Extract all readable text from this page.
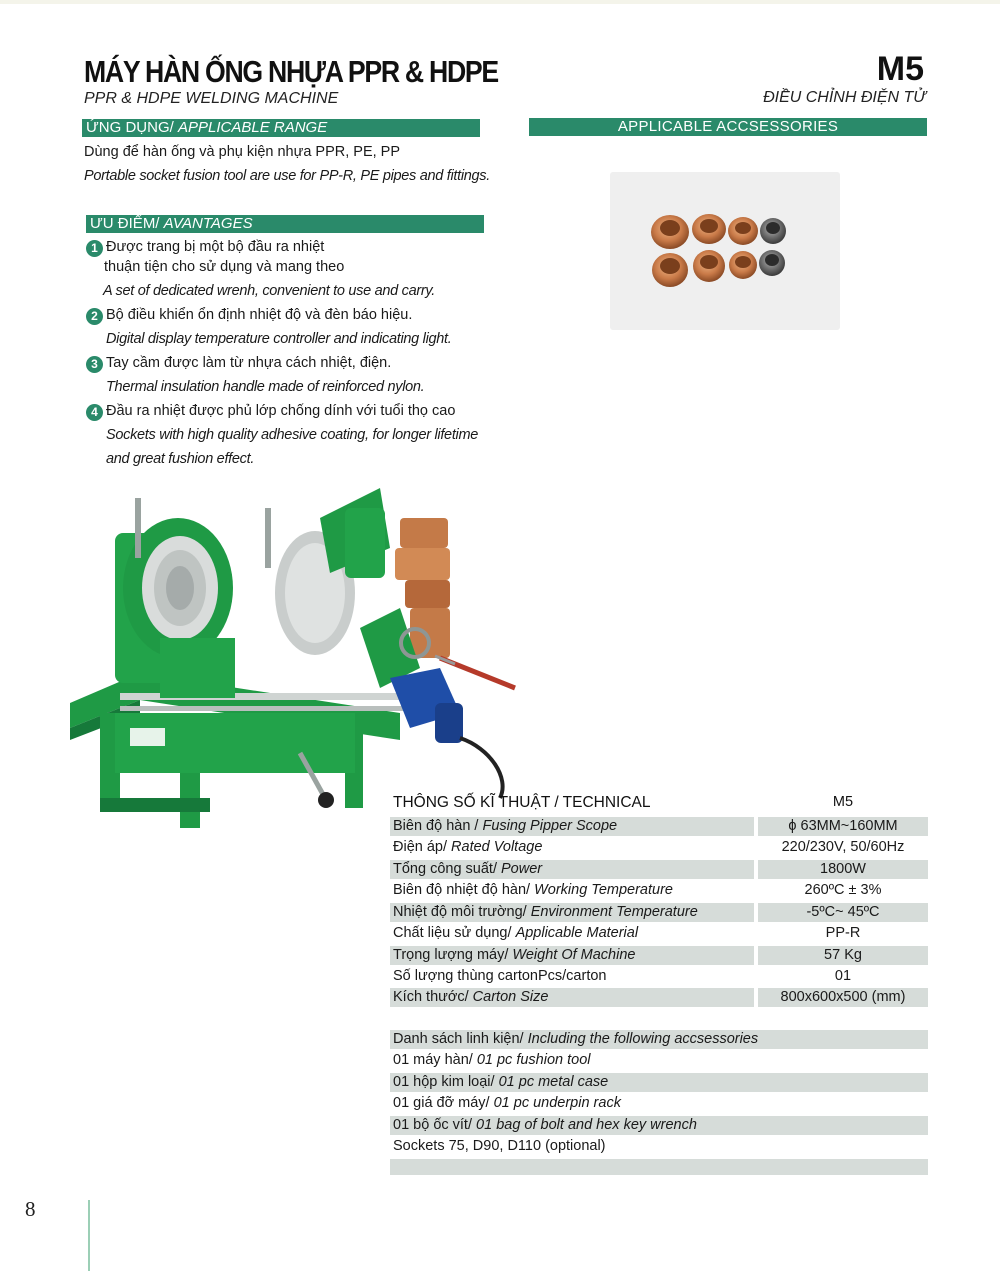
MÁY HÀN ỐNG NHỰA PPR & HDPE
PPR & HDPE WELDING MACHINE
M5
ĐIỀU CHỈNH ĐIỆN TỬ
ỨNG DỤNG/ APPLICABLE RANGE
Dùng để hàn ống và phụ kiện nhựa PPR, PE, PP
Portable socket fusion tool are use for PP-R, PE pipes and fittings.
ƯU ĐIỂM/ AVANTAGES
1 Được trang bị một bộ đầu ra nhiệt
thuận tiện cho sử dụng và mang theo
A set of dedicated wrenh, convenient to use and carry.
2 Bộ điều khiển ổn định nhiệt độ và đèn báo hiệu.
Digital display temperature controller and indicating light.
3 Tay cầm được làm từ nhựa cách nhiệt, điện.
Thermal insulation handle made of reinforced nylon.
4 Đầu ra nhiệt được phủ lớp chống dính với tuổi thọ cao
Sockets with high quality adhesive coating, for longer lifetime
and great fushion effect.
APPLICABLE ACCSESSORIES
THÔNG SỐ KĨ THUẬT / TECHNICAL	M5
Biên độ hàn / Fusing Pipper Scope	ϕ 63MM~160MM
Điện áp/ Rated Voltage	220/230V, 50/60Hz
Tổng công suất/ Power	1800W
Biên độ nhiệt độ hàn/ Working Temperature	260ºC ± 3%
Nhiệt độ môi trường/ Environment Temperature	-5ºC~ 45ºC
Chất liệu sử dụng/ Applicable Material	PP-R
Trọng lượng máy/ Weight Of Machine	57 Kg
Số lượng thùng cartonPcs/carton	01
Kích thước/ Carton Size	800x600x500 (mm)
Danh sách linh kiện/ Including the following accsessories
01 máy hàn/ 01 pc fushion tool
01 hộp kim loại/ 01 pc metal case
01 giá đỡ máy/ 01 pc underpin rack
01 bộ ốc vít/ 01 bag of bolt and hex key wrench
Sockets 75, D90, D110 (optional)
8
